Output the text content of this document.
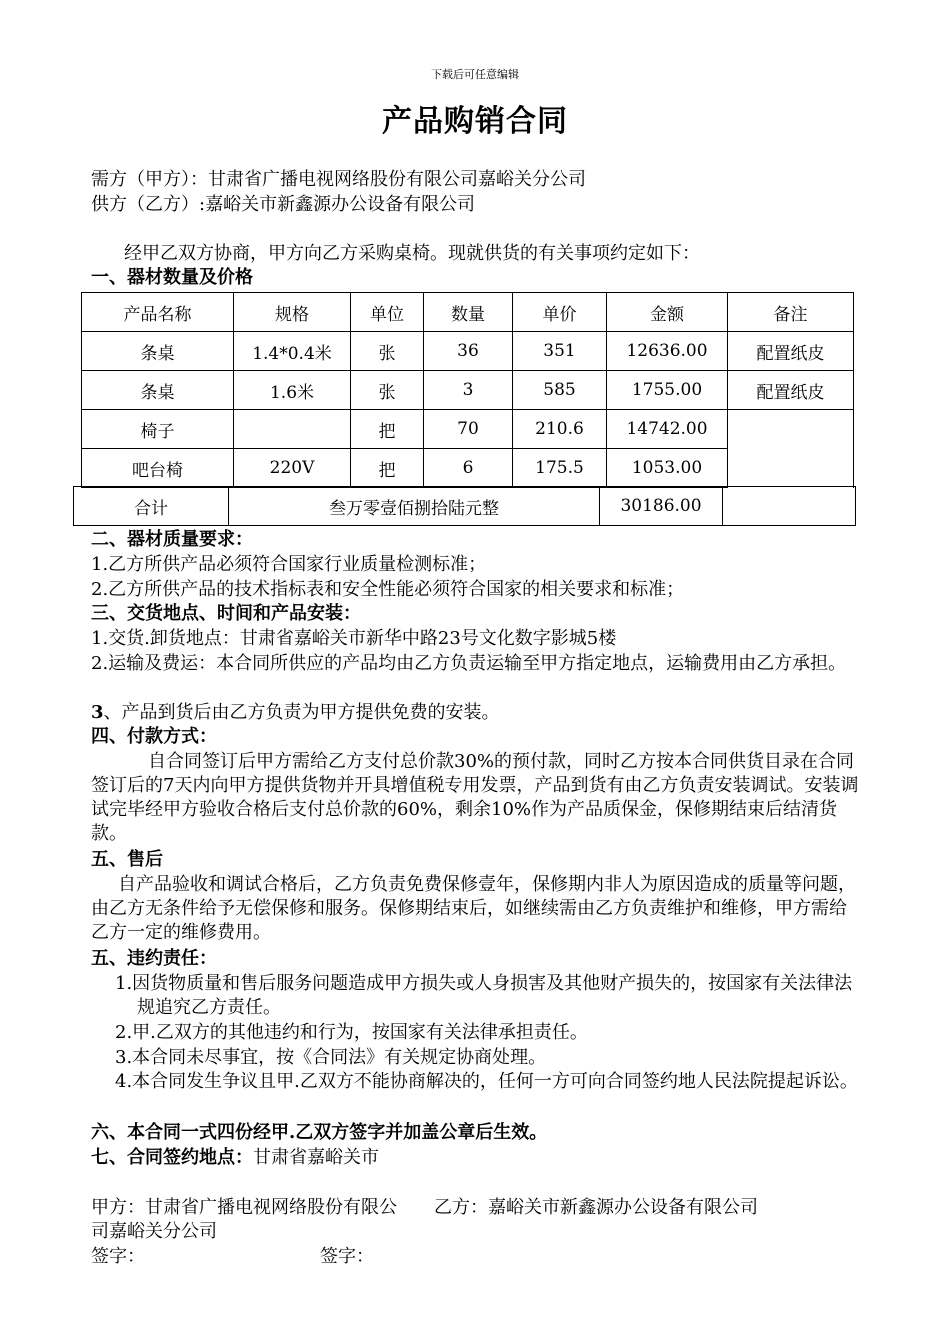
下载后可任意编辑
产品购销合同
需方（甲方）：甘肃省广播电视网络股份有限公司嘉峪关分公司
供方（乙方）:嘉峪关市新鑫源办公设备有限公司
经甲乙双方协商，甲方向乙方采购桌椅。现就供货的有关事项约定如下：
一、器材数量及价格
产品名称	规格	单位	数量	单价	金额	备注
条桌	1.4*0.4米	张	36	351	12636.00	配置纸皮
条桌	1.6米	张	3	585	1755.00	配置纸皮
椅子		把	70	210.6	14742.00	
吧台椅	220V	把	6	175.5	1053.00	
合计	叁万零壹佰捌拾陆元整	30186.00
二、器材质量要求：
1.乙方所供产品必须符合国家行业质量检测标准；
2.乙方所供产品的技术指标表和安全性能必须符合国家的相关要求和标准；
三、交货地点、时间和产品安装：
1.交货.卸货地点：甘肃省嘉峪关市新华中路23号文化数字影城5楼
2.运输及费运：本合同所供应的产品均由乙方负责运输至甲方指定地点，运输费用由乙方承担。
3、产品到货后由乙方负责为甲方提供免费的安装。
四、付款方式：
自合同签订后甲方需给乙方支付总价款30%的预付款，同时乙方按本合同供货目录在合同签订后的7天内向甲方提供货物并开具增值税专用发票，产品到货有由乙方负责安装调试。安装调试完毕经甲方验收合格后支付总价款的60%，剩余10%作为产品质保金，保修期结束后结清货款。
五、售后
自产品验收和调试合格后，乙方负责免费保修壹年，保修期内非人为原因造成的质量等问题，由乙方无条件给予无偿保修和服务。保修期结束后，如继续需由乙方负责维护和维修，甲方需给乙方一定的维修费用。
五、违约责任：
1.因货物质量和售后服务问题造成甲方损失或人身损害及其他财产损失的，按国家有关法律法规追究乙方责任。
2.甲.乙双方的其他违约和行为，按国家有关法律承担责任。
3.本合同未尽事宜，按《合同法》有关规定协商处理。
4.本合同发生争议且甲.乙双方不能协商解决的，任何一方可向合同签约地人民法院提起诉讼。
六、本合同一式四份经甲.乙双方签字并加盖公章后生效。
七、合同签约地点：甘肃省嘉峪关市
甲方：甘肃省广播电视网络股份有限公司嘉峪关分公司
乙方：嘉峪关市新鑫源办公设备有限公司
签字：	签字：
